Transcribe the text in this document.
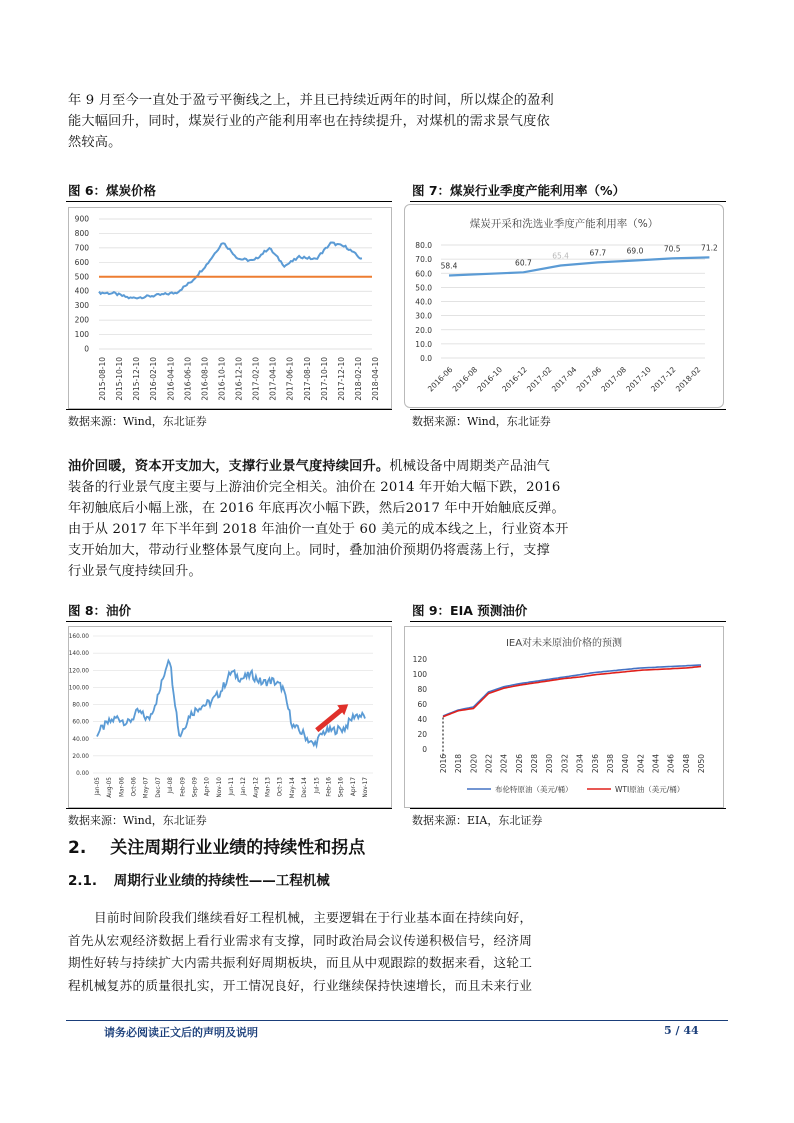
年 9 月至今一直处于盈亏平衡线之上，并且已持续近两年的时间，所以煤企的盈利
能大幅回升，同时，煤炭行业的产能利用率也在持续提升，对煤机的需求景气度依
然较高。
图 6：煤炭价格
900
800
700
600
500
400
300
200
100
0
2015-08-10 2015-10-10 2015-12-10 2016-02-10 2016-04-10 2016-06-10 2016-08-10 2016-10-10 2016-12-10 2017-02-10 2017-04-10 2017-06-10 2017-08-10 2017-10-10 2017-12-10 2018-02-10 2018-04-10
数据来源：Wind，东北证券
图 7：煤炭行业季度产能利用率（%）
煤炭开采和洗选业季度产能利用率（%）
80.0
70.0
60.0
50.0
40.0
30.0
20.0
10.0
0.0
2016-06
2016-08
2016-10
2016-12
2017-02
2017-04
2017-06
2017-08
2017-10
2017-12
2018-02
58.4	60.7
65.4	67.7	69.0	70.5	71.2
数据来源：Wind，东北证券
油价回暖，资本开支加大，支撑行业景气度持续回升。机械设备中周期类产品油气
装备的行业景气度主要与上游油价完全相关。油价在 2014 年开始大幅下跌，2016
年初触底后小幅上涨，在 2016 年底再次小幅下跌，然后2017 年中开始触底反弹。
由于从 2017 年下半年到 2018 年油价一直处于 60 美元的成本线之上，行业资本开
支开始加大，带动行业整体景气度向上。同时，叠加油价预期仍将震荡上行，支撑
行业景气度持续回升。
图 8：油价
160.00
140.00
120.00
100.00
80.00
60.00
40.00
20.00
0.00
Jan-05 Aug-05 Mar-06 Oct-06 May-07 Dec-07 Jul-08 Feb-09 Sep-09 Apr-10 Nov-10 Jun-11 Jan-12 Aug-12 Mar-13 Oct-13 May-14 Dec-14 Jul-15 Feb-16 Sep-16 Apr-17 Nov-17
数据来源：Wind，东北证券
图 9：EIA 预测油价
IEA对未来原油价格的预测
120
100
80
60
40
20
0
2016 2018 2020 2022 2024 2026 2028 2030 2032 2034 2036 2038 2040 2042 2044 2046 2048 2050
布伦特原油（美元/桶）	WTI原油（美元/桶）
数据来源：EIA，东北证券
2. 关注周期行业业绩的持续性和拐点
2.1. 周期行业业绩的持续性——工程机械
目前时间阶段我们继续看好工程机械，主要逻辑在于行业基本面在持续向好，
首先从宏观经济数据上看行业需求有支撑，同时政治局会议传递积极信号，经济周
期性好转与持续扩大内需共振利好周期板块，而且从中观跟踪的数据来看，这轮工
程机械复苏的质量很扎实，开工情况良好，行业继续保持快速增长，而且未来行业
请务必阅读正文后的声明及说明	5 / 44
